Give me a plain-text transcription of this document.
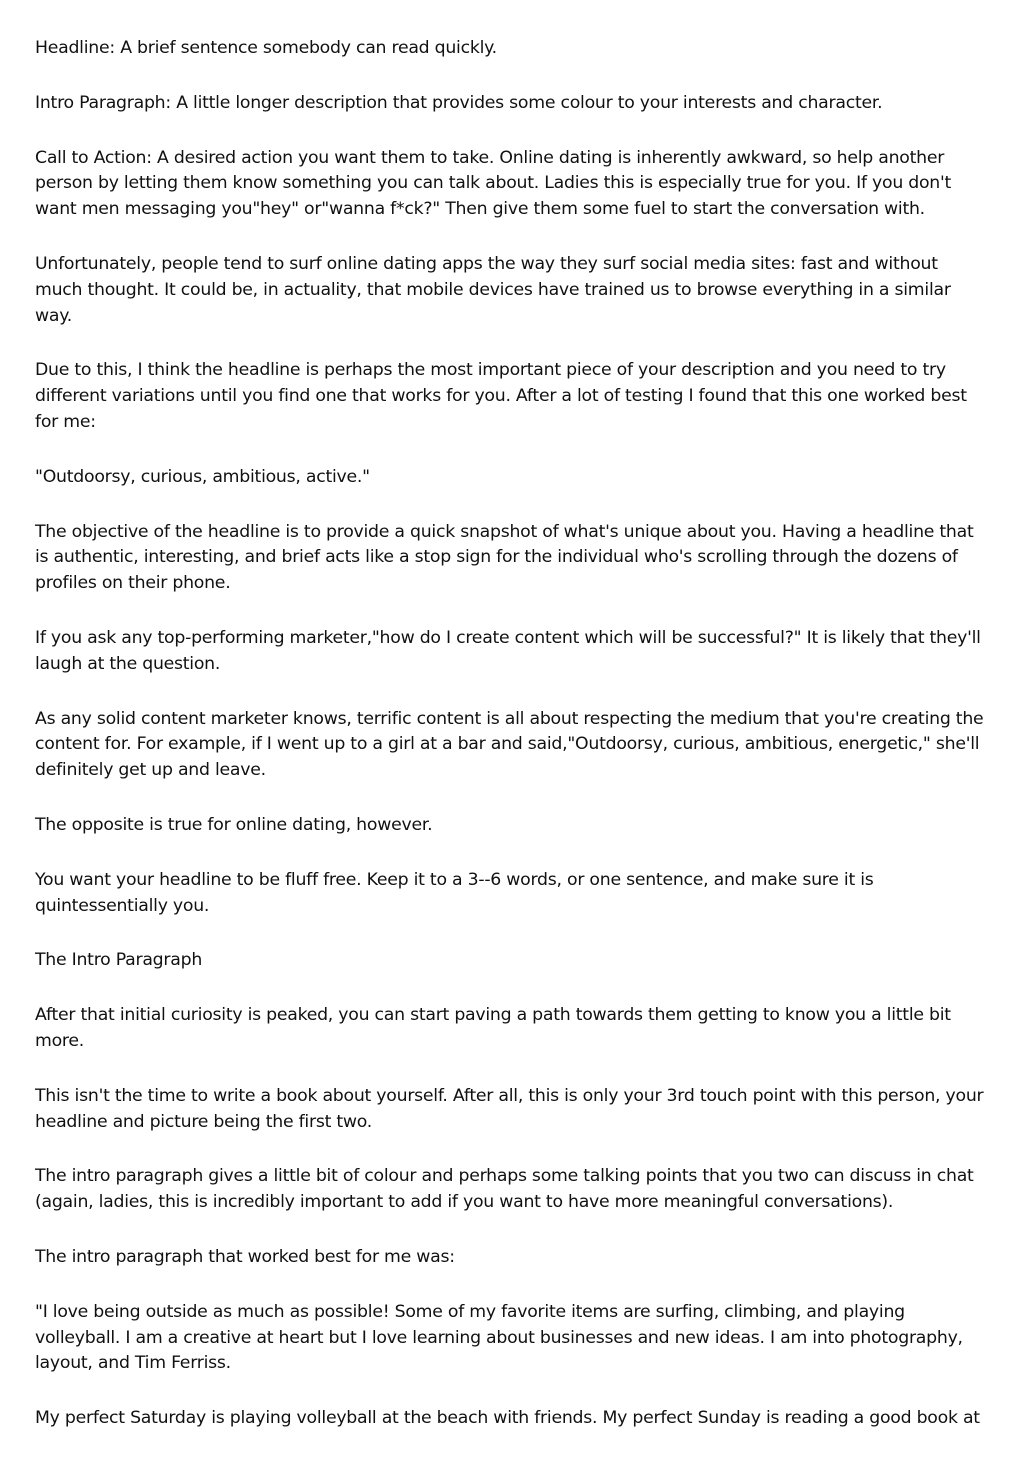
Headline: A brief sentence somebody can read quickly.

Intro Paragraph: A little longer description that provides some colour to your interests and character.

Call to Action: A desired action you want them to take. Online dating is inherently awkward, so help another person by letting them know something you can talk about. Ladies this is especially true for you. If you don't want men messaging you"hey" or"wanna f*ck?" Then give them some fuel to start the conversation with.

Unfortunately, people tend to surf online dating apps the way they surf social media sites: fast and without much thought. It could be, in actuality, that mobile devices have trained us to browse everything in a similar way.

Due to this, I think the headline is perhaps the most important piece of your description and you need to try different variations until you find one that works for you. After a lot of testing I found that this one worked best for me:

"Outdoorsy, curious, ambitious, active."

The objective of the headline is to provide a quick snapshot of what's unique about you. Having a headline that is authentic, interesting, and brief acts like a stop sign for the individual who's scrolling through the dozens of profiles on their phone.

If you ask any top-performing marketer,"how do I create content which will be successful?" It is likely that they'll laugh at the question.

As any solid content marketer knows, terrific content is all about respecting the medium that you're creating the content for. For example, if I went up to a girl at a bar and said,"Outdoorsy, curious, ambitious, energetic," she'll definitely get up and leave.

The opposite is true for online dating, however.

You want your headline to be fluff free. Keep it to a 3--6 words, or one sentence, and make sure it is quintessentially you.

The Intro Paragraph

After that initial curiosity is peaked, you can start paving a path towards them getting to know you a little bit more.

This isn't the time to write a book about yourself. After all, this is only your 3rd touch point with this person, your headline and picture being the first two.

The intro paragraph gives a little bit of colour and perhaps some talking points that you two can discuss in chat (again, ladies, this is incredibly important to add if you want to have more meaningful conversations).

The intro paragraph that worked best for me was:

"I love being outside as much as possible! Some of my favorite items are surfing, climbing, and playing volleyball. I am a creative at heart but I love learning about businesses and new ideas. I am into photography, layout, and Tim Ferriss.

My perfect Saturday is playing volleyball at the beach with friends. My perfect Sunday is reading a good book at
